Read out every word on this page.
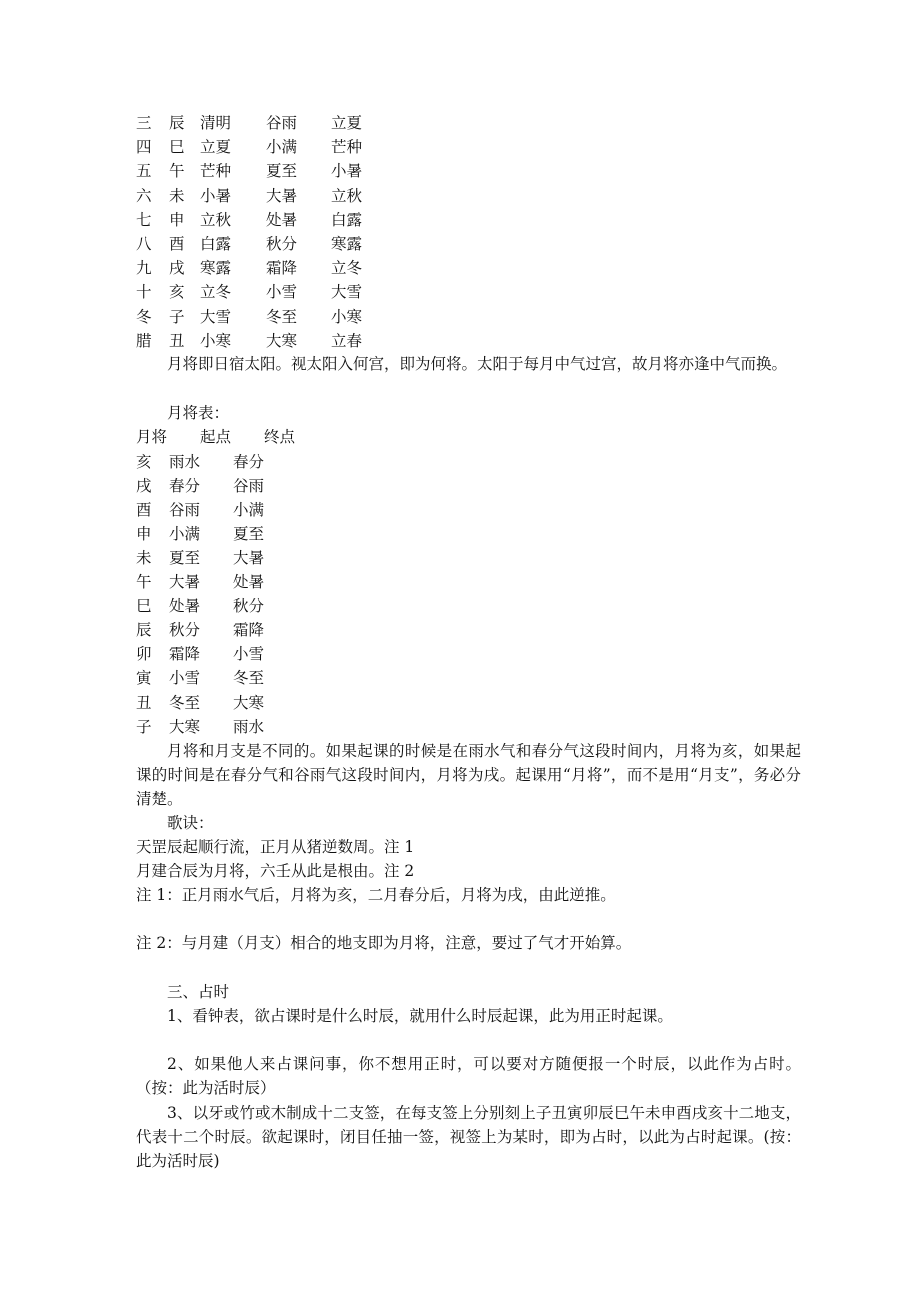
三 辰 清明 谷雨 立夏
四 巳 立夏 小满 芒种
五 午 芒种 夏至 小暑
六 未 小暑 大暑 立秋
七 申 立秋 处暑 白露
八 酉 白露 秋分 寒露
九 戌 寒露 霜降 立冬
十 亥 立冬 小雪 大雪
冬 子 大雪 冬至 小寒
腊 丑 小寒 大寒 立春
月将即日宿太阳。视太阳入何宫，即为何将。太阳于每月中气过宫，故月将亦逢中气而换。
月将表：
月将 起点 终点
亥 雨水 春分
戌 春分 谷雨
酉 谷雨 小满
申 小满 夏至
未 夏至 大暑
午 大暑 处暑
巳 处暑 秋分
辰 秋分 霜降
卯 霜降 小雪
寅 小雪 冬至
丑 冬至 大寒
子 大寒 雨水
月将和月支是不同的。如果起课的时候是在雨水气和春分气这段时间内，月将为亥，如果起课的时间是在春分气和谷雨气这段时间内，月将为戌。起课用“月将”，而不是用“月支”，务必分清楚。
歌诀：
天罡辰起顺行流，正月从猪逆数周。注 1
月建合辰为月将，六壬从此是根由。注 2
注 1：正月雨水气后，月将为亥，二月春分后，月将为戌，由此逆推。
注 2：与月建（月支）相合的地支即为月将，注意，要过了气才开始算。
三、占时
1、看钟表，欲占课时是什么时辰，就用什么时辰起课，此为用正时起课。
2、如果他人来占课问事，你不想用正时，可以要对方随便报一个时辰，以此作为占时。（按：此为活时辰）
3、以牙或竹或木制成十二支签，在每支签上分别刻上子丑寅卯辰巳午未申酉戌亥十二地支，代表十二个时辰。欲起课时，闭目任抽一签，视签上为某时，即为占时，以此为占时起课。(按：此为活时辰)
